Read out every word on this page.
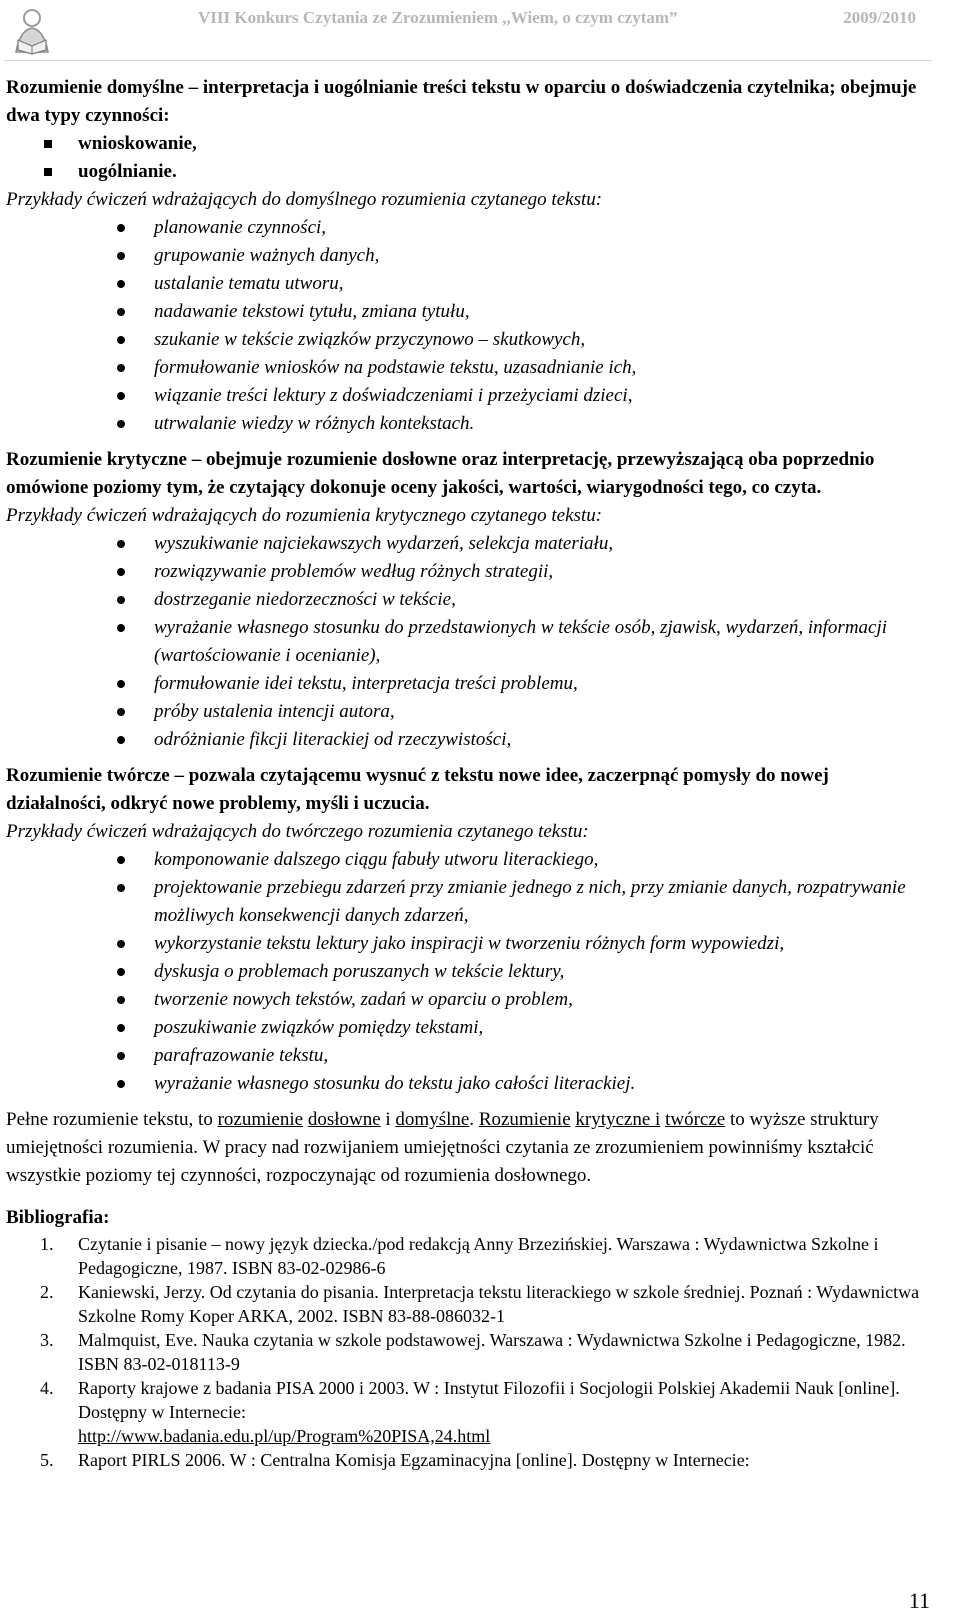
VIII Konkurs Czytania ze Zrozumieniem ,,Wiem, o czym czytam”	2009/2010

Rozumienie domyślne – interpretacja i uogólnianie treści tekstu w oparciu o doświadczenia czytelnika; obejmuje dwa typy czynności:

wnioskowanie,
uogólnianie.

Przykłady ćwiczeń wdrażających do domyślnego rozumienia czytanego tekstu:

planowanie czynności,
grupowanie ważnych danych,
ustalanie tematu utworu,
nadawanie tekstowi tytułu, zmiana tytułu,
szukanie w tekście związków przyczynowo – skutkowych,
formułowanie wniosków na podstawie tekstu, uzasadnianie ich,
wiązanie treści lektury z doświadczeniami i przeżyciami dzieci,
utrwalanie wiedzy w różnych kontekstach.

Rozumienie krytyczne – obejmuje rozumienie dosłowne oraz interpretację, przewyższającą oba poprzednio omówione poziomy tym, że czytający dokonuje oceny jakości, wartości, wiarygodności tego, co czyta.

Przykłady ćwiczeń wdrażających do rozumienia krytycznego czytanego tekstu:

wyszukiwanie najciekawszych wydarzeń, selekcja materiału,
rozwiązywanie problemów według różnych strategii,
dostrzeganie niedorzeczności w tekście,
wyrażanie własnego stosunku do przedstawionych w tekście osób, zjawisk, wydarzeń, informacji (wartościowanie i ocenianie),
formułowanie idei tekstu, interpretacja treści problemu,
próby ustalenia intencji autora,
odróżnianie fikcji literackiej od rzeczywistości,

Rozumienie twórcze – pozwala czytającemu wysnuć z tekstu nowe idee, zaczerpnąć pomysły do nowej działalności, odkryć nowe problemy, myśli i uczucia.

Przykłady ćwiczeń wdrażających do twórczego rozumienia czytanego tekstu:

komponowanie dalszego ciągu fabuły utworu literackiego,
projektowanie przebiegu zdarzeń przy zmianie jednego z nich, przy zmianie danych, rozpatrywanie możliwych konsekwencji danych zdarzeń,
wykorzystanie tekstu lektury jako inspiracji w tworzeniu różnych form wypowiedzi,
dyskusja o problemach poruszanych w tekście lektury,
tworzenie nowych tekstów, zadań w oparciu o problem,
poszukiwanie związków pomiędzy tekstami,
parafrazowanie tekstu,
wyrażanie własnego stosunku do tekstu jako całości literackiej.

Pełne rozumienie tekstu, to rozumienie dosłowne i domyślne. Rozumienie krytyczne i twórcze to wyższe struktury umiejętności rozumienia. W pracy nad rozwijaniem umiejętności czytania ze zrozumieniem powinniśmy kształcić wszystkie poziomy tej czynności, rozpoczynając od rozumienia dosłownego.

Bibliografia:

1. Czytanie i pisanie – nowy język dziecka./pod redakcją Anny Brzezińskiej. Warszawa : Wydawnictwa Szkolne i Pedagogiczne, 1987. ISBN 83-02-02986-6
2. Kaniewski, Jerzy. Od czytania do pisania. Interpretacja tekstu literackiego w szkole średniej. Poznań : Wydawnictwa Szkolne Romy Koper ARKA, 2002. ISBN 83-88-086032-1
3. Malmquist, Eve. Nauka czytania w szkole podstawowej. Warszawa : Wydawnictwa Szkolne i Pedagogiczne, 1982. ISBN 83-02-018113-9
4. Raporty krajowe z badania PISA 2000 i 2003. W : Instytut Filozofii i Socjologii Polskiej Akademii Nauk [online]. Dostępny w Internecie:
http://www.badania.edu.pl/up/Program%20PISA,24.html
5. Raport PIRLS 2006. W : Centralna Komisja Egzaminacyjna [online]. Dostępny w Internecie:
11
